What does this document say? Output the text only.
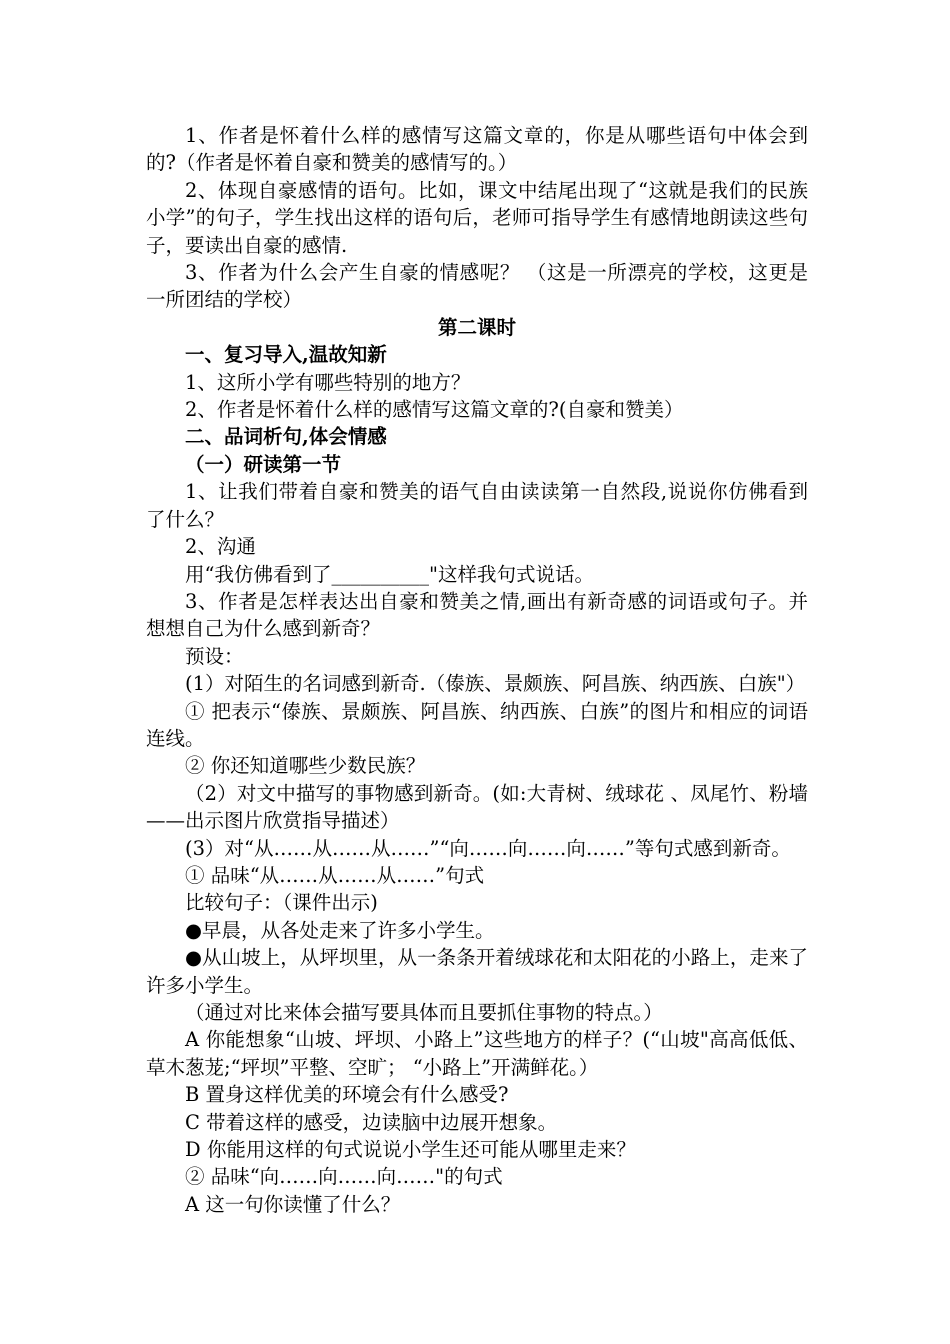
1、作者是怀着什么样的感情写这篇文章的，你是从哪些语句中体会到的?（作者是怀着自豪和赞美的感情写的。）

2、体现自豪感情的语句。比如，课文中结尾出现了“这就是我们的民族小学”的句子，学生找出这样的语句后，老师可指导学生有感情地朗读这些句子，要读出自豪的感情.

3、作者为什么会产生自豪的情感呢？ （这是一所漂亮的学校，这更是一所团结的学校）

第二课时

一、复习导入,温故知新

1、这所小学有哪些特别的地方？

2、作者是怀着什么样的感情写这篇文章的?(自豪和赞美）

二、品词析句,体会情感

（一）研读第一节

1、让我们带着自豪和赞美的语气自由读读第一自然段,说说你仿佛看到了什么？

2、沟通

用“我仿佛看到了__________"这样我句式说话。

3、作者是怎样表达出自豪和赞美之情,画出有新奇感的词语或句子。并想想自己为什么感到新奇？

预设：

(1）对陌生的名词感到新奇.（傣族、景颇族、阿昌族、纳西族、白族"）

① 把表示“傣族、景颇族、阿昌族、纳西族、白族”的图片和相应的词语连线。

② 你还知道哪些少数民族？

（2）对文中描写的事物感到新奇。(如:大青树、绒球花 、凤尾竹、粉墙——出示图片欣赏指导描述）

(3）对“从……从……从……”“向……向……向……”等句式感到新奇。

① 品味“从……从……从……”句式

比较句子：（课件出示)

●早晨，从各处走来了许多小学生。

●从山坡上，从坪坝里，从一条条开着绒球花和太阳花的小路上，走来了许多小学生。

（通过对比来体会描写要具体而且要抓住事物的特点。）

A 你能想象“山坡、坪坝、小路上”这些地方的样子？(“山坡"高高低低、草木葱茏;“坪坝”平整、空旷； “小路上”开满鲜花。）

B 置身这样优美的环境会有什么感受?

C 带着这样的感受，边读脑中边展开想象。

D 你能用这样的句式说说小学生还可能从哪里走来？

② 品味“向……向……向……"的句式

A 这一句你读懂了什么？
